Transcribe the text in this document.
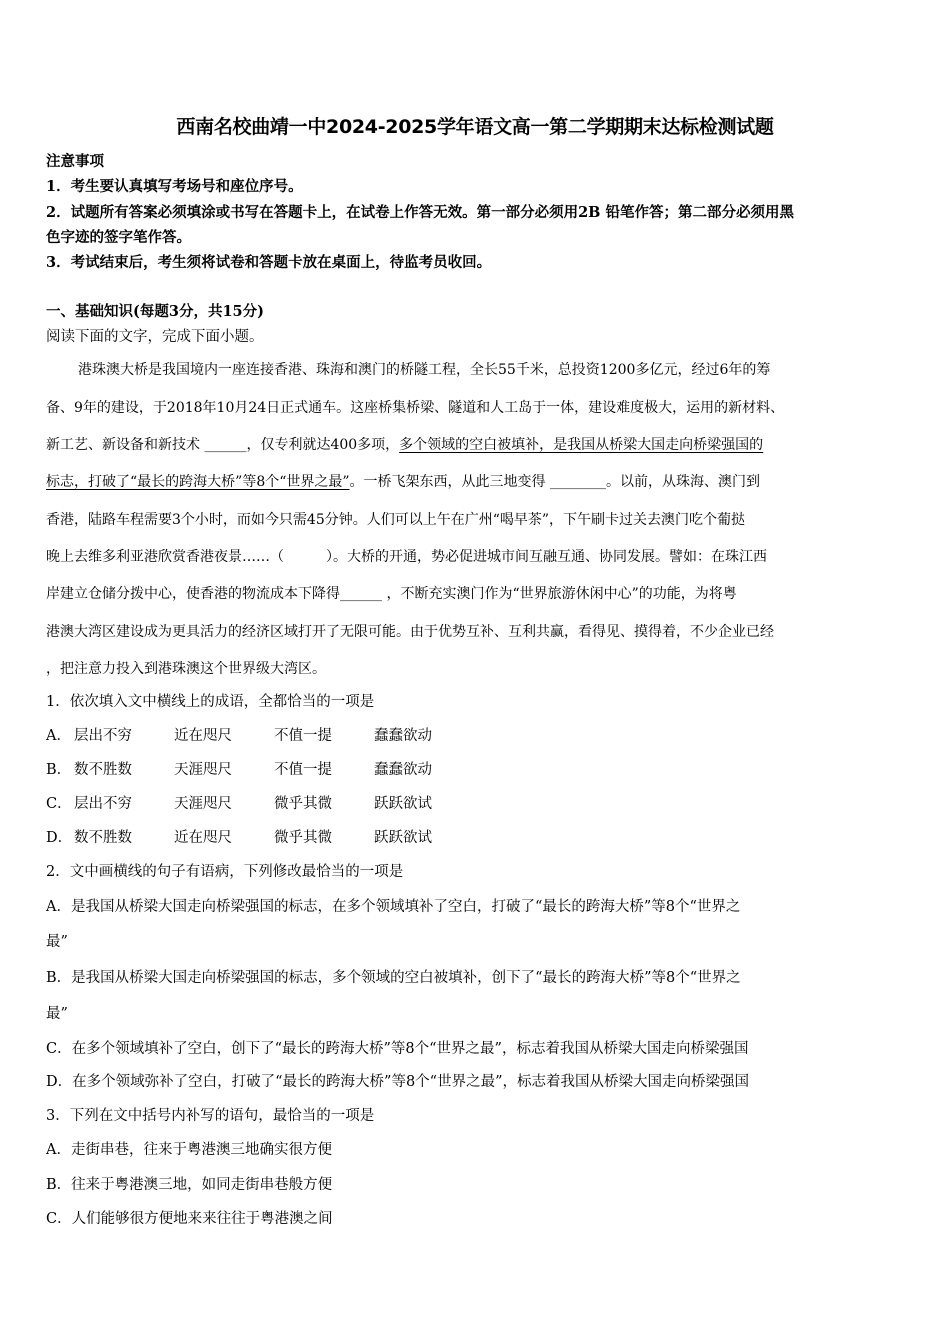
西南名校曲靖一中2024-2025学年语文高一第二学期期末达标检测试题
注意事项
1．考生要认真填写考场号和座位序号。
2．试题所有答案必须填涂或书写在答题卡上，在试卷上作答无效。第一部分必须用2B 铅笔作答；第二部分必须用黑
色字迹的签字笔作答。
3．考试结束后，考生须将试卷和答题卡放在桌面上，待监考员收回。
一、基础知识(每题3分，共15分)
阅读下面的文字，完成下面小题。
港珠澳大桥是我国境内一座连接香港、珠海和澳门的桥隧工程，全长55千米，总投资1200多亿元，经过6年的筹
备、9年的建设，于2018年10月24日正式通车。这座桥集桥梁、隧道和人工岛于一体，建设难度极大，运用的新材料、
新工艺、新设备和新技术 ______，仅专利就达400多项，多个领域的空白被填补，是我国从桥梁大国走向桥梁强国的
标志，打破了“最长的跨海大桥”等8个“世界之最”。一桥飞架东西，从此三地变得 ________。以前，从珠海、澳门到
香港，陆路车程需要3个小时，而如今只需45分钟。人们可以上午在广州“喝早茶”，下午刷卡过关去澳门吃个葡挞
晚上去维多利亚港欣赏香港夜景……（　　　）。大桥的开通，势必促进城市间互融互通、协同发展。譬如：在珠江西
岸建立仓储分拨中心，使香港的物流成本下降得______ ，不断充实澳门作为“世界旅游休闲中心”的功能，为将粤
港澳大湾区建设成为更具活力的经济区域打开了无限可能。由于优势互补、互利共赢，看得见、摸得着，不少企业已经
，把注意力投入到港珠澳这个世界级大湾区。
1．依次填入文中横线上的成语，全都恰当的一项是
A． 层出不穷	近在咫尺	不值一提	蠢蠢欲动
B． 数不胜数	天涯咫尺	不值一提	蠢蠢欲动
C． 层出不穷	天涯咫尺	微乎其微	跃跃欲试
D． 数不胜数	近在咫尺	微乎其微	跃跃欲试
2．文中画横线的句子有语病，下列修改最恰当的一项是
A．是我国从桥梁大国走向桥梁强国的标志，在多个领域填补了空白，打破了“最长的跨海大桥”等8个“世界之
最”
B．是我国从桥梁大国走向桥梁强国的标志，多个领域的空白被填补，创下了“最长的跨海大桥”等8个“世界之
最”
C．在多个领域填补了空白，创下了“最长的跨海大桥”等8个“世界之最”，标志着我国从桥梁大国走向桥梁强国
D．在多个领域弥补了空白，打破了“最长的跨海大桥”等8个“世界之最”，标志着我国从桥梁大国走向桥梁强国
3．下列在文中括号内补写的语句，最恰当的一项是
A．走街串巷，往来于粤港澳三地确实很方便
B．往来于粤港澳三地，如同走街串巷般方便
C．人们能够很方便地来来往往于粤港澳之间
